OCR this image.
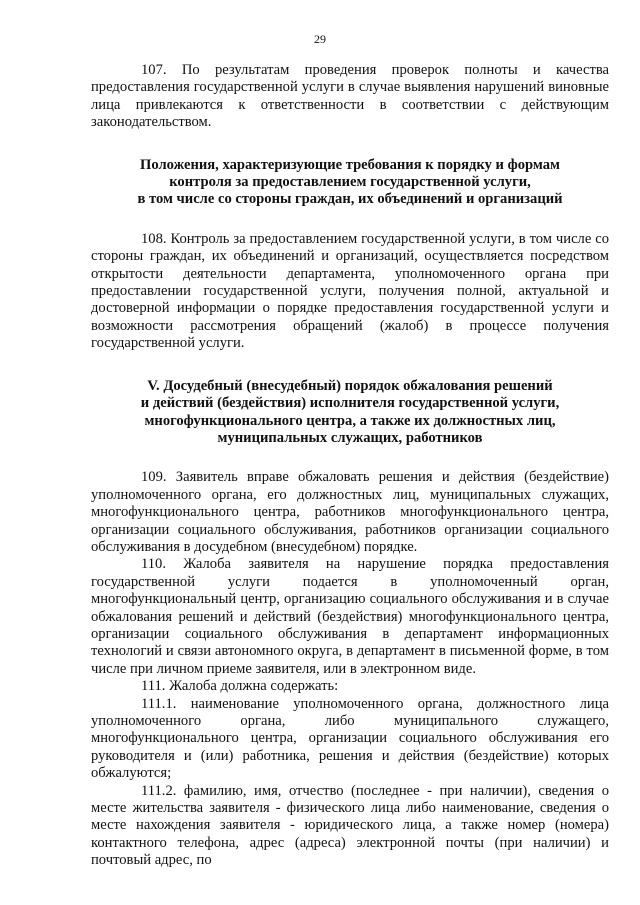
29

107. По результатам проведения проверок полноты и качества предоставления государственной услуги в случае выявления нарушений виновные лица привлекаются к ответственности в соответствии с действующим законодательством.

Положения, характеризующие требования к порядку и формам

контроля за предоставлением государственной услуги,

в том числе со стороны граждан, их объединений и организаций

108. Контроль за предоставлением государственной услуги, в том числе со стороны граждан, их объединений и организаций, осуществляется посредством открытости деятельности департамента, уполномоченного органа при предоставлении государственной услуги, получения полной, актуальной и достоверной информации о порядке предоставления государственной услуги и возможности рассмотрения обращений (жалоб) в процессе получения государственной услуги.

V. Досудебный (внесудебный) порядок обжалования решений

и действий (бездействия) исполнителя государственной услуги,

многофункционального центра, а также их должностных лиц,

муниципальных служащих, работников

109. Заявитель вправе обжаловать решения и действия (бездействие) уполномоченного органа, его должностных лиц, муниципальных служащих, многофункционального центра, работников многофункционального центра, организации социального обслуживания, работников организации социального обслуживания в досудебном (внесудебном) порядке.

110. Жалоба заявителя на нарушение порядка предоставления государственной услуги подается в уполномоченный орган, многофункциональный центр, организацию социального обслуживания и в случае обжалования решений и действий (бездействия) многофункционального центра, организации социального обслуживания в департамент информационных технологий и связи автономного округа, в департамент в письменной форме, в том числе при личном приеме заявителя, или в электронном виде.

111. Жалоба должна содержать:

111.1. наименование уполномоченного органа, должностного лица уполномоченного органа, либо муниципального служащего, многофункционального центра, организации социального обслуживания его руководителя и (или) работника, решения и действия (бездействие) которых обжалуются;

111.2. фамилию, имя, отчество (последнее - при наличии), сведения о месте жительства заявителя - физического лица либо наименование, сведения о месте нахождения заявителя - юридического лица, а также номер (номера) контактного телефона, адрес (адреса) электронной почты (при наличии) и почтовый адрес, по
